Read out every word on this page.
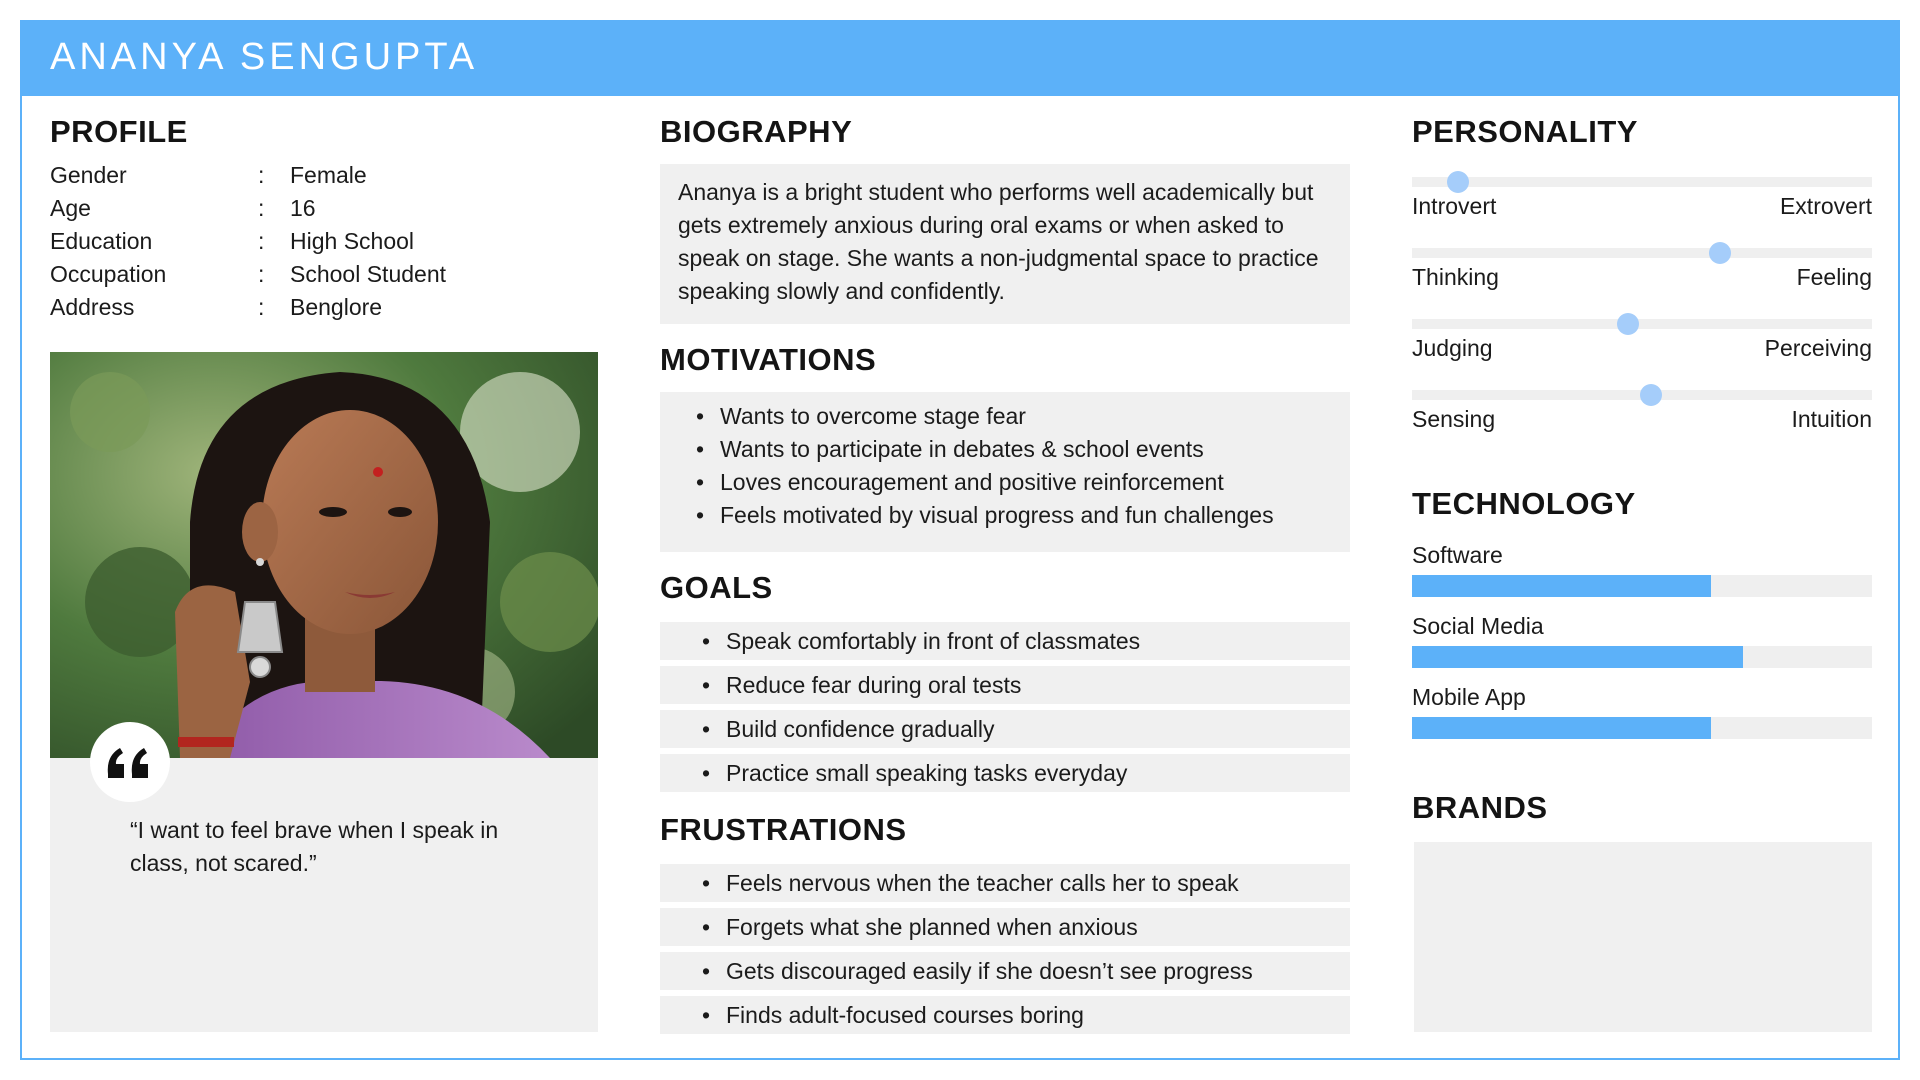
ANANYA SENGUPTA
PROFILE
Gender	: Female
Age	: 16
Education	: High School
Occupation	: School Student
Address	: Benglore
“I want to feel brave when I speak in class, not scared.”
BIOGRAPHY
Ananya is a bright student who performs well academically but gets extremely anxious during oral exams or when asked to speak on stage. She wants a non-judgmental space to practice speaking slowly and confidently.
MOTIVATIONS
• Wants to overcome stage fear
• Wants to participate in debates & school events
• Loves encouragement and positive reinforcement
• Feels motivated by visual progress and fun challenges
GOALS
• Speak comfortably in front of classmates
• Reduce fear during oral tests
• Build confidence gradually
• Practice small speaking tasks everyday
FRUSTRATIONS
• Feels nervous when the teacher calls her to speak
• Forgets what she planned when anxious
• Gets discouraged easily if she doesn’t see progress
• Finds adult-focused courses boring
PERSONALITY
Introvert	Extrovert
Thinking	Feeling
Judging	Perceiving
Sensing	Intuition
TECHNOLOGY
Software
Social Media
Mobile App
BRANDS
